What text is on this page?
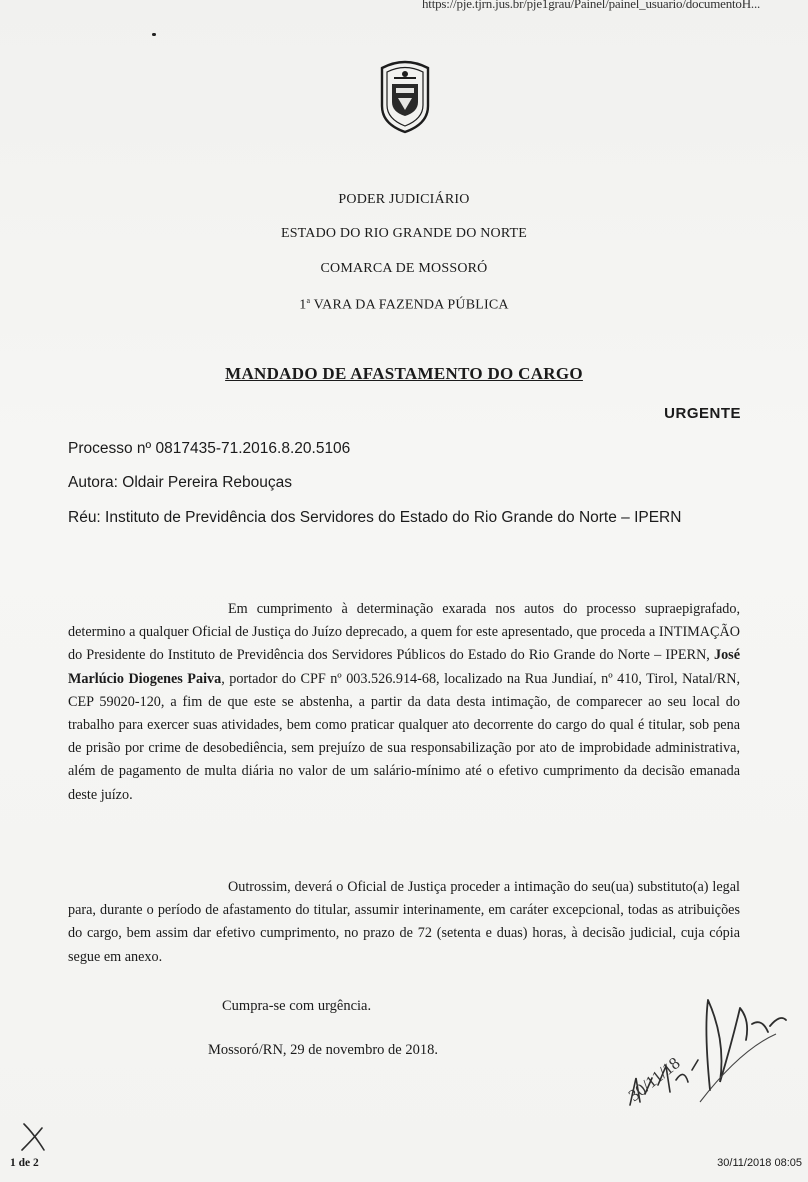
https://pje.tjrn.jus.br/pje1grau/Painel/painel_usuario/documentoH...
PODER JUDICIÁRIO
ESTADO DO RIO GRANDE DO NORTE
COMARCA DE MOSSORÓ
1$^a$ VARA DA FAZENDA PÚBLICA
MANDADO DE AFASTAMENTO DO CARGO
URGENTE
Processo nº 0817435-71.2016.8.20.5106
Autora: Oldair Pereira Rebouças
Réu: Instituto de Previdência dos Servidores do Estado do Rio Grande do Norte – IPERN
Em cumprimento à determinação exarada nos autos do processo suprаepigrafado, determino a qualquer Oficial de Justiça do Juízo deprecado, a quem for este apresentado, que proceda a INTIMAÇÃO do Presidente do Instituto de Previdência dos Servidores Públicos do Estado do Rio Grande do Norte – IPERN, José Marlúcio Diogenes Paiva, portador do CPF nº 003.526.914-68, localizado na Rua Jundiaí, nº 410, Tirol, Natal/RN, CEP 59020-120, a fim de que este se abstenha, a partir da data desta intimação, de comparecer ao seu local do trabalho para exercer suas atividades, bem como praticar qualquer ato decorrente do cargo do qual é titular, sob pena de prisão por crime de desobediência, sem prejuízo de sua responsabilização por ato de improbidade administrativa, além de pagamento de multa diária no valor de um salário-mínimo até o efetivo cumprimento da decisão emanada deste juízo.
Outrossim, deverá o Oficial de Justiça proceder a intimação do seu(ua) substituto(a) legal para, durante o período de afastamento do titular, assumir interinamente, em caráter excepcional, todas as atribuições do cargo, bem assim dar efetivo cumprimento, no prazo de 72 (setenta e duas) horas, à decisão judicial, cuja cópia segue em anexo.
Cumpra-se com urgência.
Mossoró/RN, 29 de novembro de 2018.
30/11/18
1 de 2	30/11/2018 08:05
